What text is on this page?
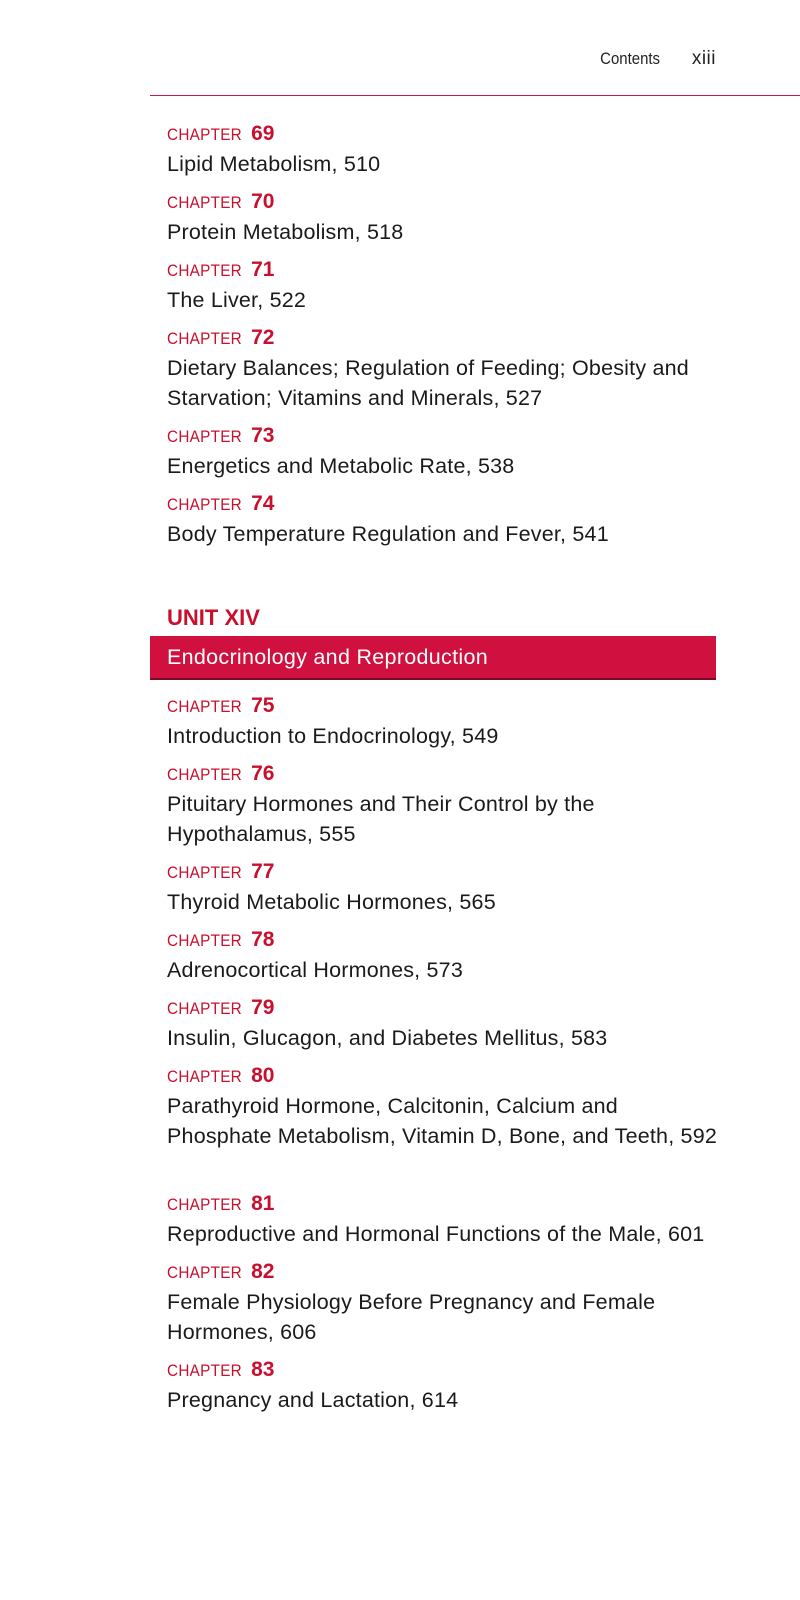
Contents xiii
CHAPTER 69
Lipid Metabolism, 510
CHAPTER 70
Protein Metabolism, 518
CHAPTER 71
The Liver, 522
CHAPTER 72
Dietary Balances; Regulation of Feeding; Obesity and Starvation; Vitamins and Minerals, 527
CHAPTER 73
Energetics and Metabolic Rate, 538
CHAPTER 74
Body Temperature Regulation and Fever, 541
UNIT XIV
Endocrinology and Reproduction
CHAPTER 75
Introduction to Endocrinology, 549
CHAPTER 76
Pituitary Hormones and Their Control by the Hypothalamus, 555
CHAPTER 77
Thyroid Metabolic Hormones, 565
CHAPTER 78
Adrenocortical Hormones, 573
CHAPTER 79
Insulin, Glucagon, and Diabetes Mellitus, 583
CHAPTER 80
Parathyroid Hormone, Calcitonin, Calcium and Phosphate Metabolism, Vitamin D, Bone, and Teeth, 592
CHAPTER 81
Reproductive and Hormonal Functions of the Male, 601
CHAPTER 82
Female Physiology Before Pregnancy and Female Hormones, 606
CHAPTER 83
Pregnancy and Lactation, 614
